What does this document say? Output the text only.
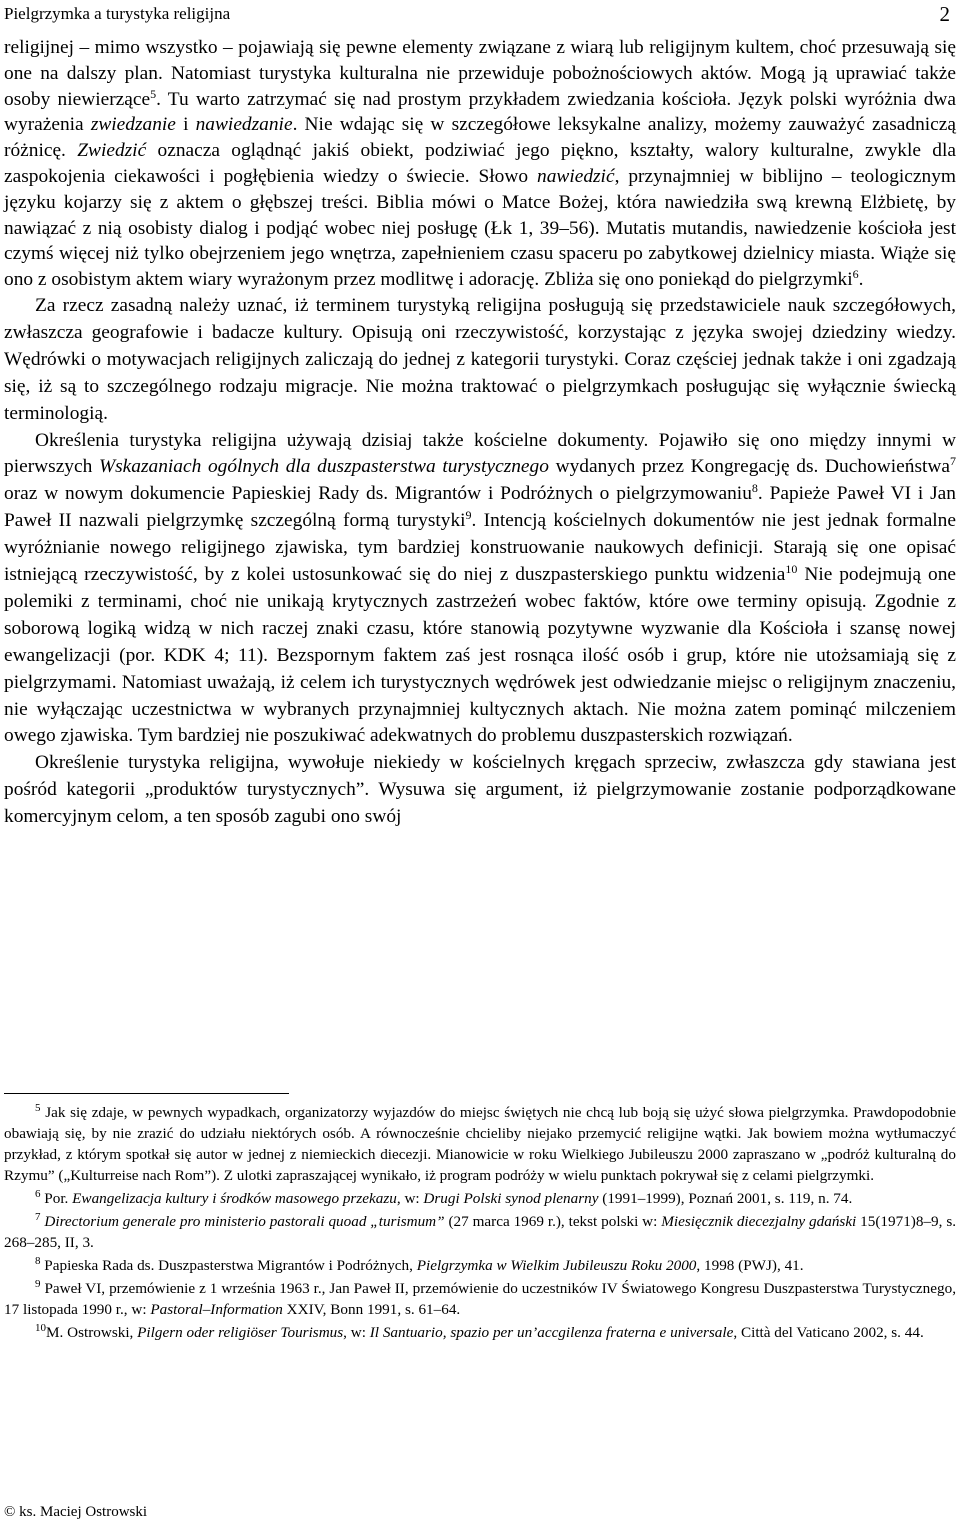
Pielgrzymka a turystyka religijna	2

religijnej – mimo wszystko – pojawiają się pewne elementy związane z wiarą lub religijnym kultem, choć przesuwają się one na dalszy plan. Natomiast turystyka kulturalna nie przewiduje pobożnościowych aktów. Mogą ją uprawiać także osoby niewierzące$^5$. Tu warto zatrzymać się nad prostym przykładem zwiedzania kościoła. Język polski wyróżnia dwa wyrażenia zwiedzanie i nawiedzanie. Nie wdając się w szczegółowe leksykalne analizy, możemy zauważyć zasadniczą różnicę. Zwiedzić oznacza oglądnąć jakiś obiekt, podziwiać jego piękno, kształty, walory kulturalne, zwykle dla zaspokojenia ciekawości i pogłębienia wiedzy o świecie. Słowo nawiedzić, przynajmniej w biblijno – teologicznym języku kojarzy się z aktem o głębszej treści. Biblia mówi o Matce Bożej, która nawiedziła swą krewną Elżbietę, by nawiązać z nią osobisty dialog i podjąć wobec niej posługę (Łk 1, 39–56). Mutatis mutandis, nawiedzenie kościoła jest czymś więcej niż tylko obejrzeniem jego wnętrza, zapełnieniem czasu spaceru po zabytkowej dzielnicy miasta. Wiąże się ono z osobistym aktem wiary wyrażonym przez modlitwę i adorację. Zbliża się ono poniekąd do pielgrzymki$^6$.

Za rzecz zasadną należy uznać, iż terminem turystyką religijna posługują się przedstawiciele nauk szczegółowych, zwłaszcza geografowie i badacze kultury. Opisują oni rzeczywistość, korzystając z języka swojej dziedziny wiedzy. Wędrówki o motywacjach religijnych zaliczają do jednej z kategorii turystyki. Coraz częściej jednak także i oni zgadzają się, iż są to szczególnego rodzaju migracje. Nie można traktować o pielgrzymkach posługując się wyłącznie świecką terminologią.

Określenia turystyka religijna używają dzisiaj także kościelne dokumenty. Pojawiło się ono między innymi w pierwszych Wskazaniach ogólnych dla duszpasterstwa turystycznego wydanych przez Kongregację ds. Duchowieństwa$^7$ oraz w nowym dokumencie Papieskiej Rady ds. Migrantów i Podróżnych o pielgrzymowaniu$^8$. Papieże Paweł VI i Jan Paweł II nazwali pielgrzymkę szczególną formą turystyki$^9$. Intencją kościelnych dokumentów nie jest jednak formalne wyróżnianie nowego religijnego zjawiska, tym bardziej konstruowanie naukowych definicji. Starają się one opisać istniejącą rzeczywistość, by z kolei ustosunkować się do niej z duszpasterskiego punktu widzenia$^{10}$ Nie podejmują one polemiki z terminami, choć nie unikają krytycznych zastrzeżeń wobec faktów, które owe terminy opisują. Zgodnie z soborową logiką widzą w nich raczej znaki czasu, które stanowią pozytywne wyzwanie dla Kościoła i szansę nowej ewangelizacji (por. KDK 4; 11). Bezspornym faktem zaś jest rosnąca ilość osób i grup, które nie utożsamiają się z pielgrzymami. Natomiast uważają, iż celem ich turystycznych wędrówek jest odwiedzanie miejsc o religijnym znaczeniu, nie wyłączając uczestnictwa w wybranych przynajmniej kultycznych aktach. Nie można zatem pominąć milczeniem owego zjawiska. Tym bardziej nie poszukiwać adekwatnych do problemu duszpasterskich rozwiązań.

Określenie turystyka religijna, wywołuje niekiedy w kościelnych kręgach sprzeciw, zwłaszcza gdy stawiana jest pośród kategorii „produktów turystycznych”. Wysuwa się argument, iż pielgrzymowanie zostanie podporządkowane komercyjnym celom, a ten sposób zagubi ono swój

$^5$ Jak się zdaje, w pewnych wypadkach, organizatorzy wyjazdów do miejsc świętych nie chcą lub boją się użyć słowa pielgrzymka. Prawdopodobnie obawiają się, by nie zrazić do udziału niektórych osób. A równocześnie chcieliby niejako przemycić religijne wątki. Jak bowiem można wytłumaczyć przykład, z którym spotkał się autor w jednej z niemieckich diecezji. Mianowicie w roku Wielkiego Jubileuszu 2000 zapraszano w „podróż kulturalną do Rzymu” („Kulturreise nach Rom”). Z ulotki zapraszającej wynikało, iż program podróży w wielu punktach pokrywał się z celami pielgrzymki.

$^6$ Por. Ewangelizacja kultury i środków masowego przekazu, w: Drugi Polski synod plenarny (1991–1999), Poznań 2001, s. 119, n. 74.

$^7$ Directorium generale pro ministerio pastorali quoad „turismum” (27 marca 1969 r.), tekst polski w: Miesięcznik diecezjalny gdański 15(1971)8–9, s. 268–285, II, 3.

$^8$ Papieska Rada ds. Duszpasterstwa Migrantów i Podróżnych, Pielgrzymka w Wielkim Jubileuszu Roku 2000, 1998 (PWJ), 41.

$^9$ Paweł VI, przemówienie z 1 września 1963 r., Jan Paweł II, przemówienie do uczestników IV Światowego Kongresu Duszpasterstwa Turystycznego, 17 listopada 1990 r., w: Pastoral–Information XXIV, Bonn 1991, s. 61–64.

$^{10}$M. Ostrowski, Pilgern oder religiöser Tourismus, w: Il Santuario, spazio per un’accgilenza fraterna e universale, Città del Vaticano 2002, s. 44.

© ks. Maciej Ostrowski
